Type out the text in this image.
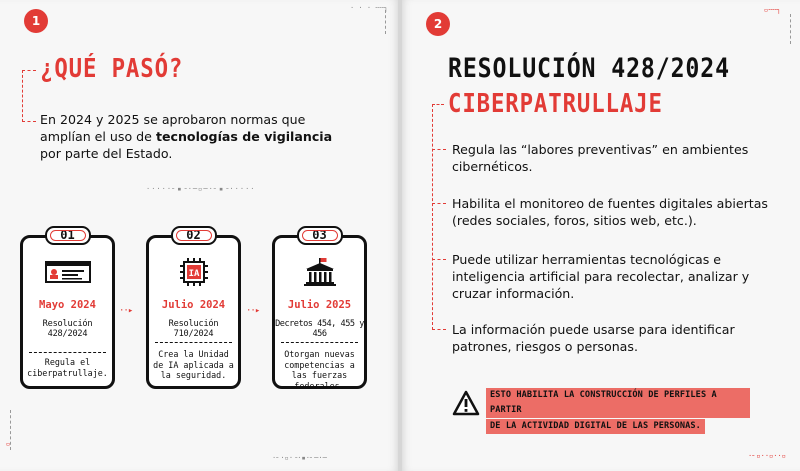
1
· · · ╌╌┐
¿QUÉ PASÓ?
En 2024 y 2025 se aprobaron normas que amplían el uso de tecnologías de vigilancia por parte del Estado.
·····╴▪╶·─▫─·╴▪╶·····
01
Mayo 2024
Resolución 428/2024
Regula el ciberpatrullaje.
··▸
02
IA
Julio 2024
Resolución 710/2024
Crea la Unidad de IA aplicada a la seguridad.
··▸
03
Julio 2025
Decretos 454, 455 y 456
Otorgan nuevas competencias a las fuerzas federales.
▫
·╴·▫·╶·▪·╴─·─
2
▫╌╌┐
·╴▫··▫··▫
RESOLUCIÓN 428/2024
CIBERPATRULLAJE
Regula las “labores preventivas” en ambientes cibernéticos.
Habilita el monitoreo de fuentes digitales abiertas (redes sociales, foros, sitios web, etc.).
Puede utilizar herramientas tecnológicas e inteligencia artificial para recolectar, analizar y cruzar información.
La información puede usarse para identificar patrones, riesgos o personas.
ESTO HABILITA LA CONSTRUCCIÓN DE PERFILES A PARTIR
DE LA ACTIVIDAD DIGITAL DE LAS PERSONAS.
